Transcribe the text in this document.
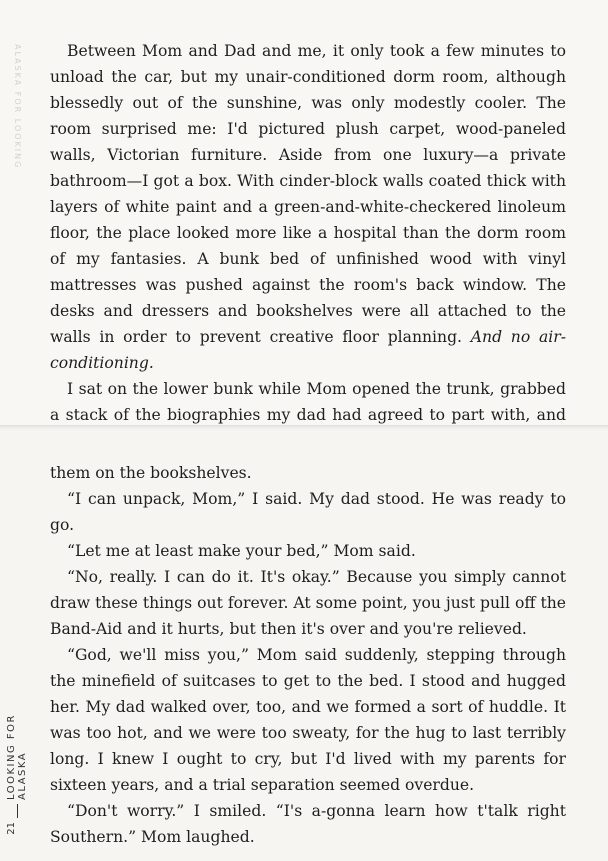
ALASKA FOR LOOKING	Between Mom and Dad and me, it only took a few minutes to unload the car, but my unair-conditioned dorm room, although blessedly out of the sunshine, was only modestly cooler. The room surprised me: I'd pictured plush carpet, wood-paneled walls, Victorian furniture. Aside from one luxury—a private bathroom—I got a box. With cinder-block walls coated thick with layers of white paint and a green-and-white-checkered linoleum floor, the place looked more like a hospital than the dorm room of my fantasies. A bunk bed of unfinished wood with vinyl mattresses was pushed against the room's back window. The desks and dressers and bookshelves were all attached to the walls in order to prevent creative floor planning. And no air-conditioning.

I sat on the lower bunk while Mom opened the trunk, grabbed a stack of the biographies my dad had agreed to part with, and

them on the bookshelves.

“I can unpack, Mom,” I said. My dad stood. He was ready to go.

“Let me at least make your bed,” Mom said.

“No, really. I can do it. It's okay.” Because you simply cannot draw these things out forever. At some point, you just pull off the Band-Aid and it hurts, but then it's over and you're relieved.

“God, we'll miss you,” Mom said suddenly, stepping through the minefield of suitcases to get to the bed. I stood and hugged her. My dad walked over, too, and we formed a sort of huddle. It was too hot, and we were too sweaty, for the hug to last terribly long. I knew I ought to cry, but I'd lived with my parents for sixteen years, and a trial separation seemed overdue.

“Don't worry.” I smiled. “I's a-gonna learn how t'talk right Southern.” Mom laughed.

LOOKING FOR ALASKA
21
